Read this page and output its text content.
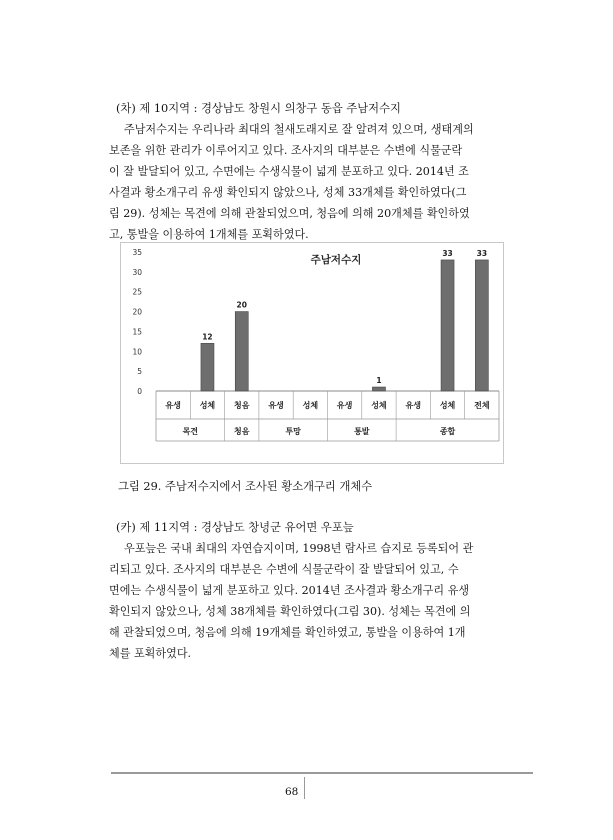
(차) 제 10지역 : 경상남도 창원시 의창구 동읍 주남저수지
주남저수지는 우리나라 최대의 철새도래지로 잘 알려져 있으며, 생태계의
보존을 위한 관리가 이루어지고 있다. 조사지의 대부분은 수변에 식물군락
이 잘 발달되어 있고, 수면에는 수생식물이 넓게 분포하고 있다. 2014년 조
사결과 황소개구리 유생 확인되지 않았으나, 성체 33개체를 확인하였다(그
림 29). 성체는 목견에 의해 관찰되었으며, 청음에 의해 20개체를 확인하였
고, 통발을 이용하여 1개체를 포획하였다.
주남저수지
0
5
10
15
20
25
30
35
12
20
1
33	33
유생 성체 청음 유생 성체 유생 성체 유생 성체 전체
목견	청음	투망	통발	종합
그림 29. 주남저수지에서 조사된 황소개구리 개체수
(카) 제 11지역 : 경상남도 창녕군 유어면 우포늪
우포늪은 국내 최대의 자연습지이며, 1998년 람사르 습지로 등록되어 관
리되고 있다. 조사지의 대부분은 수변에 식물군락이 잘 발달되어 있고, 수
면에는 수생식물이 넓게 분포하고 있다. 2014년 조사결과 황소개구리 유생
확인되지 않았으나, 성체 38개체를 확인하였다(그림 30). 성체는 목견에 의
해 관찰되었으며, 청음에 의해 19개체를 확인하였고, 통발을 이용하여 1개
체를 포획하였다.
68
